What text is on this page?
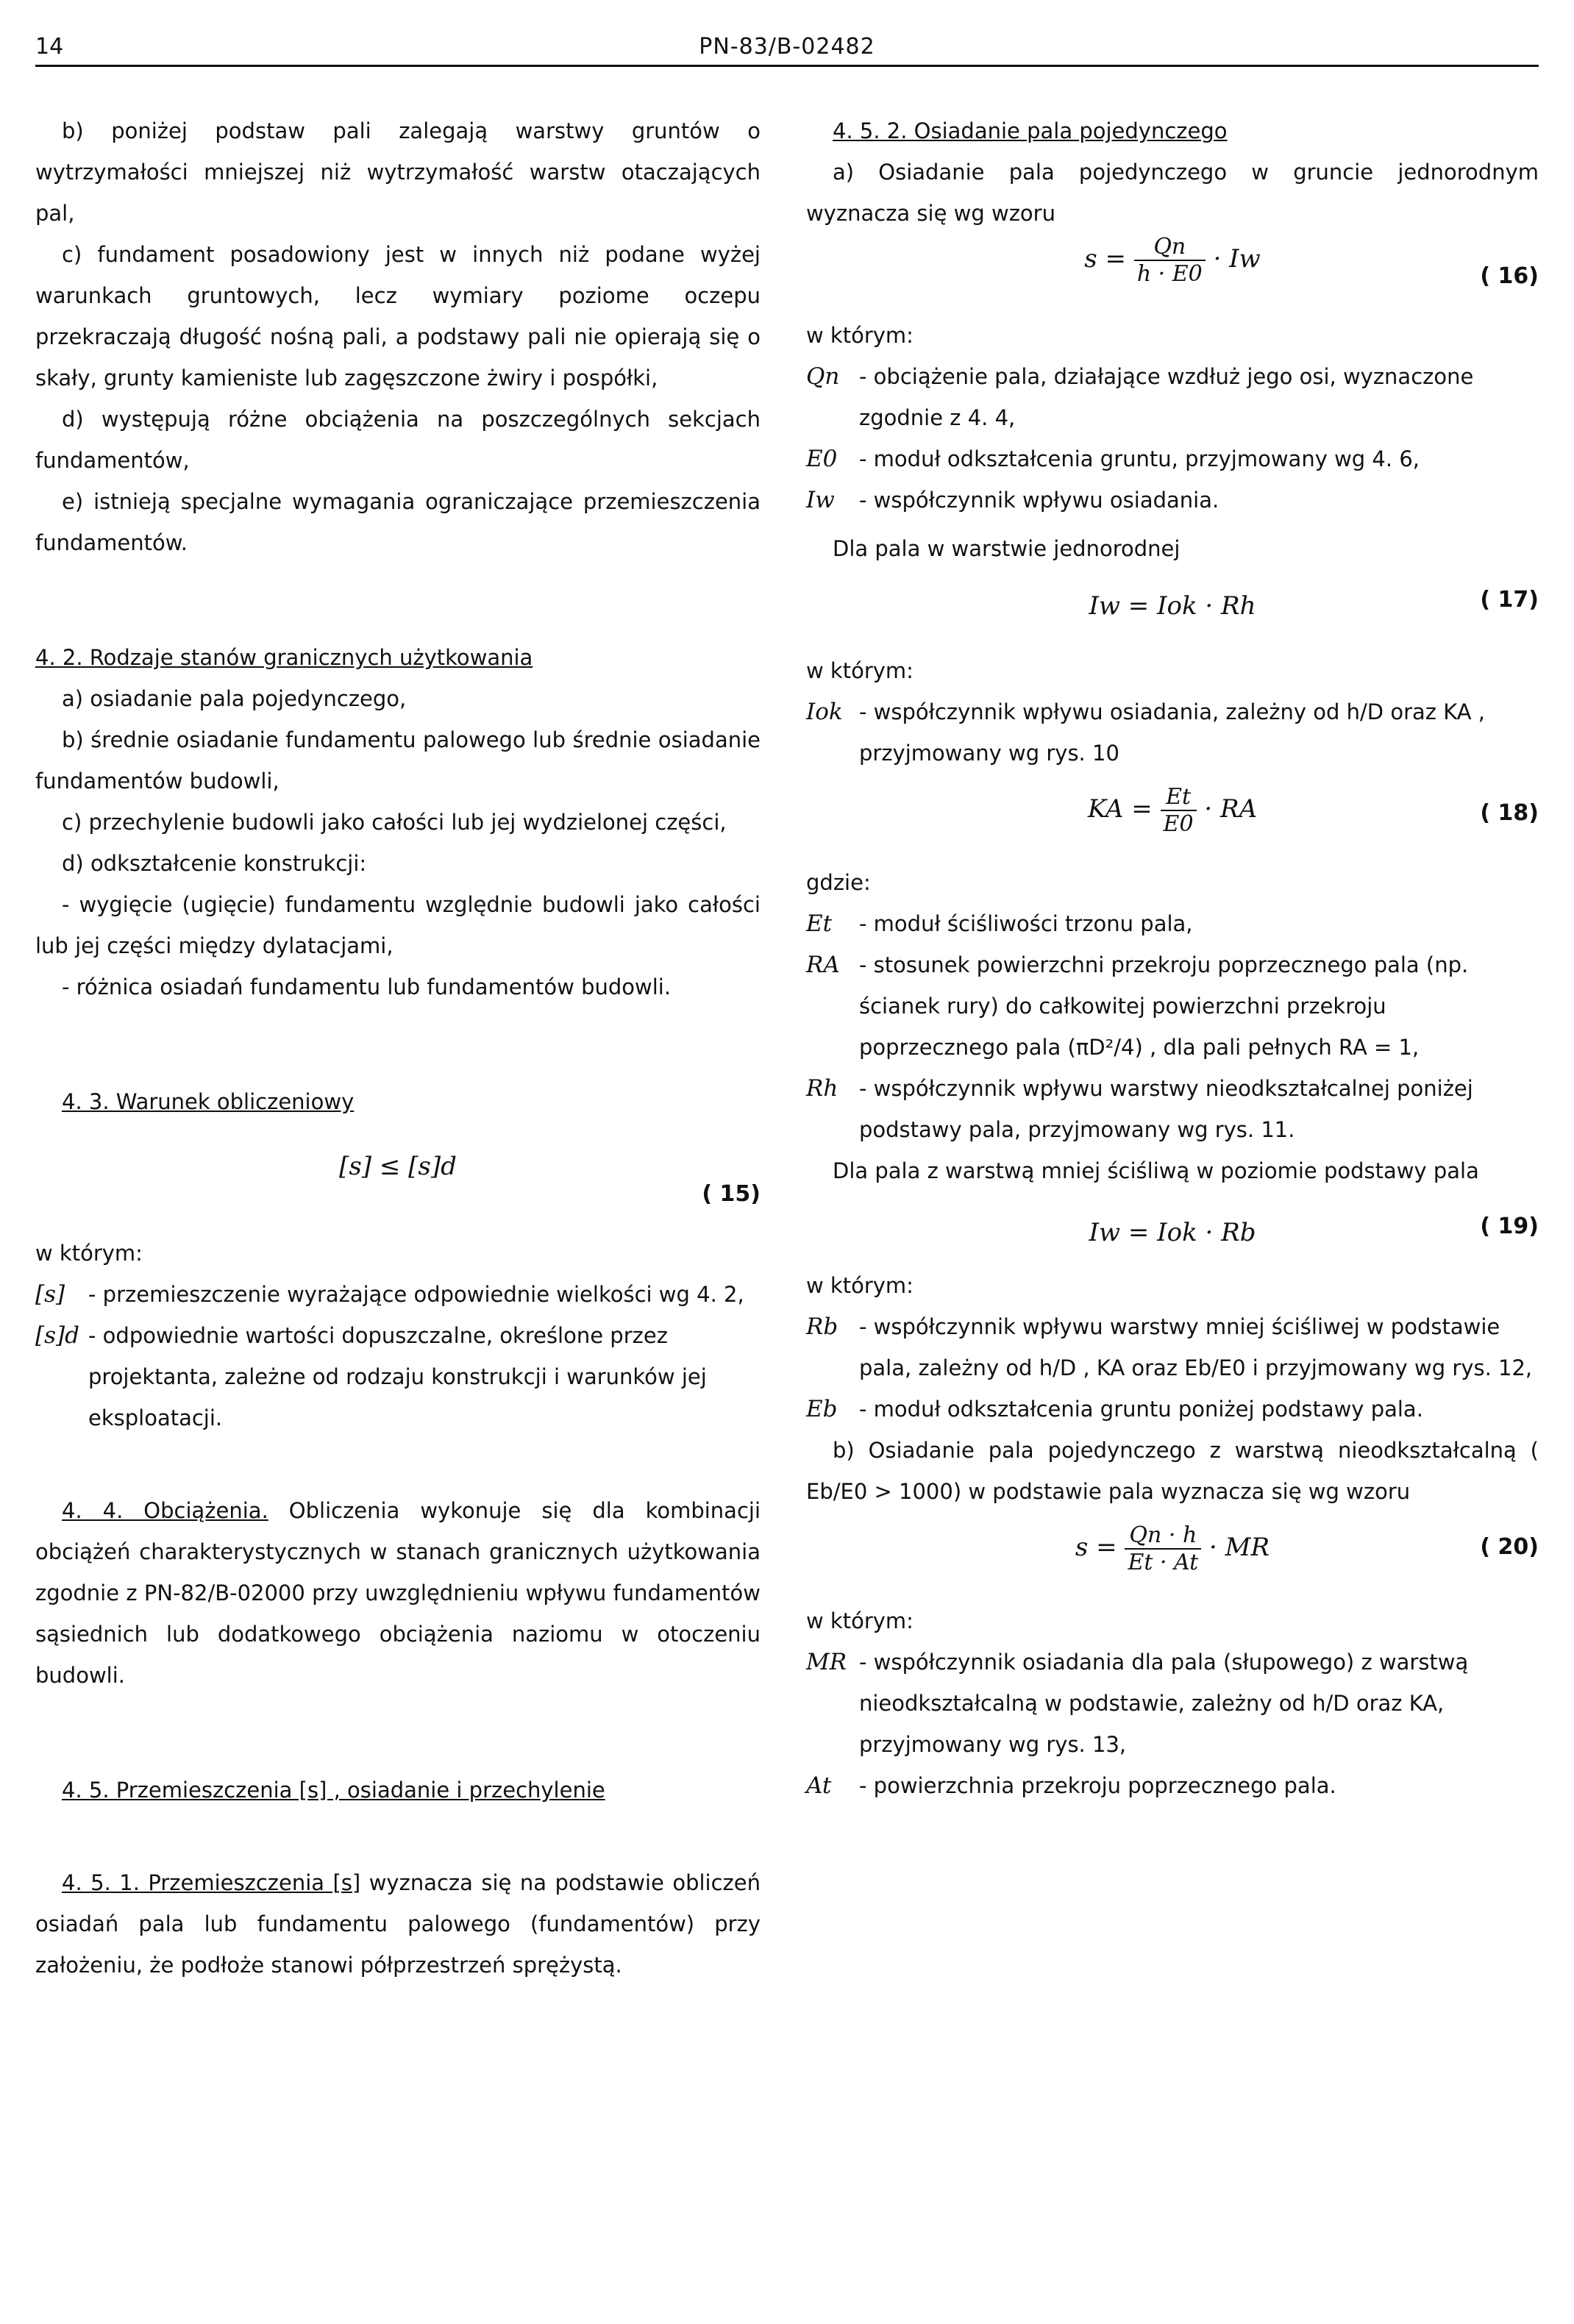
14	PN-83/B-02482

b) poniżej podstaw pali zalegają warstwy gruntów o wytrzymałości mniejszej niż wytrzymałość warstw otaczających pal,

c) fundament posadowiony jest w innych niż podane wyżej warunkach gruntowych, lecz wymiary poziome oczepu przekraczają długość nośną pali, a podstawy pali nie opierają się o skały, grunty kamieniste lub zagęszczone żwiry i pospółki,

d) występują różne obciążenia na poszczególnych sekcjach fundamentów,

e) istnieją specjalne wymagania ograniczające przemieszczenia fundamentów.

4. 2. Rodzaje stanów granicznych użytkowania

a) osiadanie pala pojedynczego,

b) średnie osiadanie fundamentu palowego lub średnie osiadanie fundamentów budowli,

c) przechylenie budowli jako całości lub jej wydzielonej części,

d) odkształcenie konstrukcji:

- wygięcie (ugięcie) fundamentu względnie budowli jako całości lub jej części między dylatacjami,

- różnica osiadań fundamentu lub fundamentów budowli.

4. 3. Warunek obliczeniowy

[s] ≤ [s]d
( 15)

w którym:

[s]	- przemieszczenie wyrażające odpowiednie wielkości wg 4. 2,
[s]d - odpowiednie wartości dopuszczalne, określone przez projektanta, zależne od rodzaju konstrukcji i warunków jej eksploatacji.

4. 4. Obciążenia. Obliczenia wykonuje się dla kombinacji obciążeń charakterystycznych w stanach granicznych użytkowania zgodnie z PN-82/B-02000 przy uwzględnieniu wpływu fundamentów sąsiednich lub dodatkowego obciążenia naziomu w otoczeniu budowli.

4. 5. Przemieszczenia [s] , osiadanie i przechylenie

4. 5. 1. Przemieszczenia [s] wyznacza się na podstawie obliczeń osiadań pala lub fundamentu palowego (fundamentów) przy założeniu, że podłoże stanowi półprzestrzeń sprężystą.

4. 5. 2. Osiadanie pala pojedynczego

a) Osiadanie pala pojedynczego w gruncie jednorodnym wyznacza się wg wzoru

$s = \frac{Qn}{h \cdot E0} \cdot Iw$
( 16)

w którym:

Qn - obciążenie pala, działające wzdłuż jego osi, wyznaczone zgodnie z 4. 4,
E0	- moduł odkształcenia gruntu, przyjmowany wg 4. 6,
Iw	- współczynnik wpływu osiadania.

Dla pala w warstwie jednorodnej

Iw = Iok · Rh	( 17)

w którym:

Iok - współczynnik wpływu osiadania, zależny od h/D oraz KA , przyjmowany wg rys. 10
KA = $\frac{Et}{E0}$ · RA	( 18)

gdzie:

Et	- moduł ściśliwości trzonu pala,
RA - stosunek powierzchni przekroju poprzecznego pala (np. ścianek rury) do całkowitej powierzchni przekroju poprzecznego pala (πD²/4) , dla pali pełnych RA = 1,
Rh - współczynnik wpływu warstwy nieodkształcalnej poniżej podstawy pala, przyjmowany wg rys. 11.

Dla pala z warstwą mniej ściśliwą w poziomie podstawy pala

Iw = Iok · Rb	( 19)

w którym:

Rb - współczynnik wpływu warstwy mniej ściśliwej w podstawie pala, zależny od h/D , KA oraz Eb/E0 i przyjmowany wg rys. 12,
Eb	- moduł odkształcenia gruntu poniżej podstawy pala.

b) Osiadanie pala pojedynczego z warstwą nieodkształcalną ( Eb/E0 > 1000) w podstawie pala wyznacza się wg wzoru

$s = \frac{Qn \cdot h}{Et \cdot At}$ · MR	( 20)

w którym:

MR - współczynnik osiadania dla pala (słupowego) z warstwą nieodkształcalną w podstawie, zależny od h/D oraz KA, przyjmowany wg rys. 13,
At	- powierzchnia przekroju poprzecznego pala.
